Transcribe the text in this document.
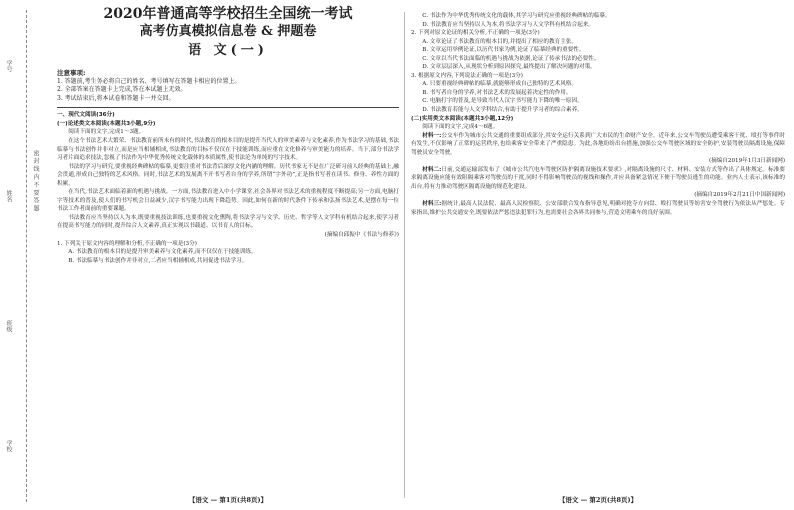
学号
姓名
班级
学校
密 封 线 内 不 要 答 题
2020年普通高等学校招生全国统一考试
高考仿真模拟信息卷 & 押题卷
语 文(一)
注意事项:
1. 答题前,考生务必将自己的姓名、考号填写在答题卡相应的位置上。
2. 全部答案在答题卡上完成,答在本试题上无效。
3. 考试结束后,将本试卷和答题卡一并交回。

一、现代文阅读(36分)

(一)论述类文本阅读(本题共3小题,9分)

阅读下面的文字,完成1～3题。

在这个书法艺术大繁荣、书法教育前所未有的时代,书法教育的根本目的是提升当代人的审美素养与文化素养,作为书法学习的基础,书法临摹与书法创作并非对立,而是应当相辅相成,书法教育的目标不仅仅在于技能训练,而应重在文化修养与审美能力的培养。当下,部分书法学习者片面追求技法,忽视了书法作为中华优秀传统文化载体的本质属性,使书法沦为单纯的写字技术。

书法的学习与研究,要重视经典碑帖的临摹,更要注重对书法背后深厚文化内涵的理解。历代书家无不是在广泛研习前人经典的基础上,融会贯通,形成自己独特的艺术风格。同时,书法艺术的发展离不开书写者自身的学养,所谓“字外功”,正是指书写者在读书、修身、养性方面的积累。

在当代,书法艺术面临着新的机遇与挑战。一方面,书法教育进入中小学课堂,社会各界对书法艺术的重视程度不断提高;另一方面,电脑打字等技术的普及,使人们的书写机会日益减少,汉字书写能力出现下降趋势。因此,如何在新的时代条件下传承和弘扬书法艺术,是摆在每一位书法工作者面前的重要课题。

书法教育应当坚持以人为本,既要重视技法训练,也要重视文化熏陶,将书法学习与文学、历史、哲学等人文学科有机结合起来,使学习者在提高书写能力的同时,提升综合人文素养,真正实现以书载道、以书育人的目标。

(摘编自邱振中《书法与修养》)

1. 下列关于原文内容的理解和分析,不正确的一项是(3分)

A. 书法教育的根本目的是提升审美素养与文化素养,而不仅仅在于技能训练。

B. 书法临摹与书法创作并非对立,二者应当相辅相成,共同促进书法学习。

【语文 — 第1页(共8页)】

C. 书法作为中华优秀传统文化的载体,其学习与研究应重视经典碑帖的临摹。

D. 书法教育应当坚持以人为本,将书法学习与人文学科有机结合起来。

2. 下列对原文论证的相关分析,不正确的一项是(3分)

A. 文章论证了书法教育的根本目的,并提出了相应的教育主张。

B. 文章运用举例论证,以历代书家为例,论证了临摹经典的重要性。

C. 文章以当代书法面临的机遇与挑战为依据,论证了传承书法的必要性。

D. 文章层层深入,从现状分析到原因探究,最终提出了解决问题的对策。

3. 根据原文内容,下列说法正确的一项是(3分)

A. 只要重视经典碑帖的临摹,就能够形成自己独特的艺术风格。

B. 书写者自身的学养,对书法艺术的发展起着决定性的作用。

C. 电脑打字的普及,是导致当代人汉字书写能力下降的唯一原因。

D. 书法教育若能与人文学科结合,有助于提升学习者的综合素养。

(二)实用类文本阅读(本题共3小题,12分)

阅读下面的文字,完成4～6题。

材料一:公交车作为城市公共交通的重要组成部分,其安全运行关系到广大市民的生命财产安全。近年来,公交车驾驶员遭受乘客干扰、殴打等事件时有发生,不仅影响了正常的运营秩序,也给乘客安全带来了严重隐患。为此,各地纷纷出台措施,加强公交车驾驶区域的安全防护,安装驾驶员隔离设施,保障驾驶员安全驾驶。

(摘编自2019年1月3日新闻网)

材料二:日前,交通运输部发布了《城市公共汽电车驾驶区防护隔离设施技术要求》,对隔离设施的尺寸、材料、安装方式等作出了具体规定。标准要求隔离设施应能有效阻隔乘客对驾驶员的干扰,同时不得影响驾驶员的视线和操作,并应具备紧急情况下便于驾驶员逃生的功能。业内人士表示,该标准的出台,将有力推动驾驶区隔离设施的规范化建设。

(摘编自2019年2月21日中国新闻网)

材料三:据统计,最高人民法院、最高人民检察院、公安部联合发布指导意见,明确对抢夺方向盘、殴打驾驶员等妨害安全驾驶行为依法从严惩处。专家指出,维护公共交通安全,既要依法严惩违法犯罪行为,也需要社会各界共同参与,营造文明乘车的良好氛围。

【语文 — 第2页(共8页)】
